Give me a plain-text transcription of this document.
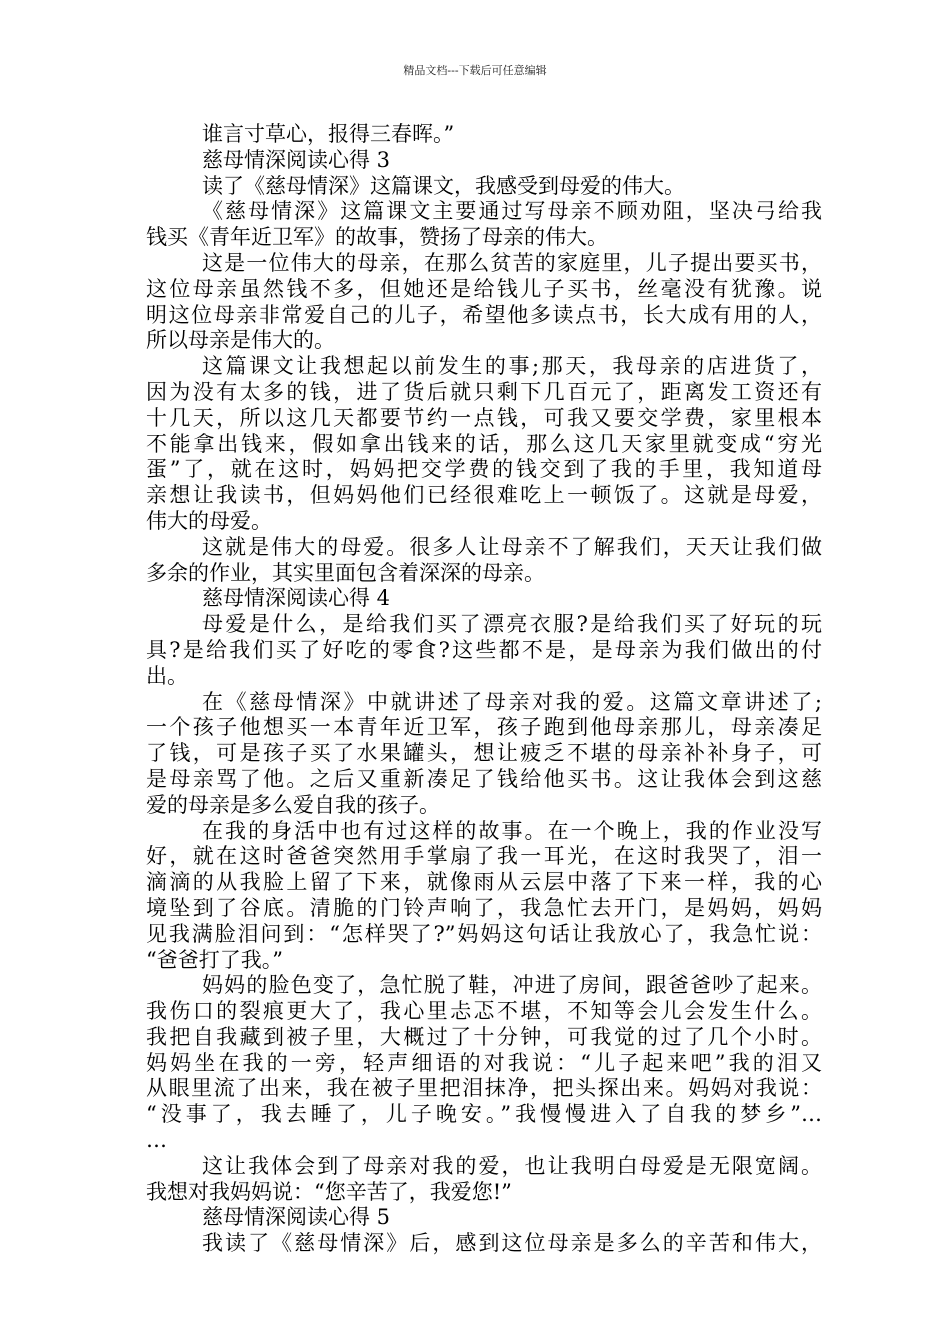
精品文档---下载后可任意编辑
谁言寸草心，报得三春晖。”
慈母情深阅读心得 3
读了《慈母情深》这篇课文，我感受到母爱的伟大。
《慈母情深》这篇课文主要通过写母亲不顾劝阻，坚决弓给我
钱买《青年近卫军》的故事，赞扬了母亲的伟大。
这是一位伟大的母亲，在那么贫苦的家庭里，儿子提出要买书，
这位母亲虽然钱不多，但她还是给钱儿子买书，丝毫没有犹豫。说
明这位母亲非常爱自己的儿子，希望他多读点书，长大成有用的人，
所以母亲是伟大的。
这篇课文让我想起以前发生的事;那天，我母亲的店进货了，
因为没有太多的钱，进了货后就只剩下几百元了，距离发工资还有
十几天，所以这几天都要节约一点钱，可我又要交学费，家里根本
不能拿出钱来，假如拿出钱来的话，那么这几天家里就变成“穷光
蛋”了，就在这时，妈妈把交学费的钱交到了我的手里，我知道母
亲想让我读书，但妈妈他们已经很难吃上一顿饭了。这就是母爱，
伟大的母爱。
这就是伟大的母爱。很多人让母亲不了解我们，天天让我们做
多余的作业，其实里面包含着深深的母亲。
慈母情深阅读心得 4
母爱是什么，是给我们买了漂亮衣服?是给我们买了好玩的玩
具?是给我们买了好吃的零食?这些都不是，是母亲为我们做出的付
出。
在《慈母情深》中就讲述了母亲对我的爱。这篇文章讲述了;
一个孩子他想买一本青年近卫军，孩子跑到他母亲那儿，母亲凑足
了钱，可是孩子买了水果罐头，想让疲乏不堪的母亲补补身子，可
是母亲骂了他。之后又重新凑足了钱给他买书。这让我体会到这慈
爱的母亲是多么爱自我的孩子。
在我的身活中也有过这样的故事。在一个晚上，我的作业没写
好，就在这时爸爸突然用手掌扇了我一耳光，在这时我哭了，泪一
滴滴的从我脸上留了下来，就像雨从云层中落了下来一样，我的心
境坠到了谷底。清脆的门铃声响了，我急忙去开门，是妈妈，妈妈
见我满脸泪问到：“怎样哭了?”妈妈这句话让我放心了，我急忙说：
“爸爸打了我。”
妈妈的脸色变了，急忙脱了鞋，冲进了房间，跟爸爸吵了起来。
我伤口的裂痕更大了，我心里忐忑不堪，不知等会儿会发生什么。
我把自我藏到被子里，大概过了十分钟，可我觉的过了几个小时。
妈妈坐在我的一旁，轻声细语的对我说：“儿子起来吧”我的泪又
从眼里流了出来，我在被子里把泪抹净，把头探出来。妈妈对我说：
“没事了，我去睡了，儿子晚安。”我慢慢进入了自我的梦乡”…
…
这让我体会到了母亲对我的爱，也让我明白母爱是无限宽阔。
我想对我妈妈说：“您辛苦了，我爱您!”
慈母情深阅读心得 5
我读了《慈母情深》后，感到这位母亲是多么的辛苦和伟大，
